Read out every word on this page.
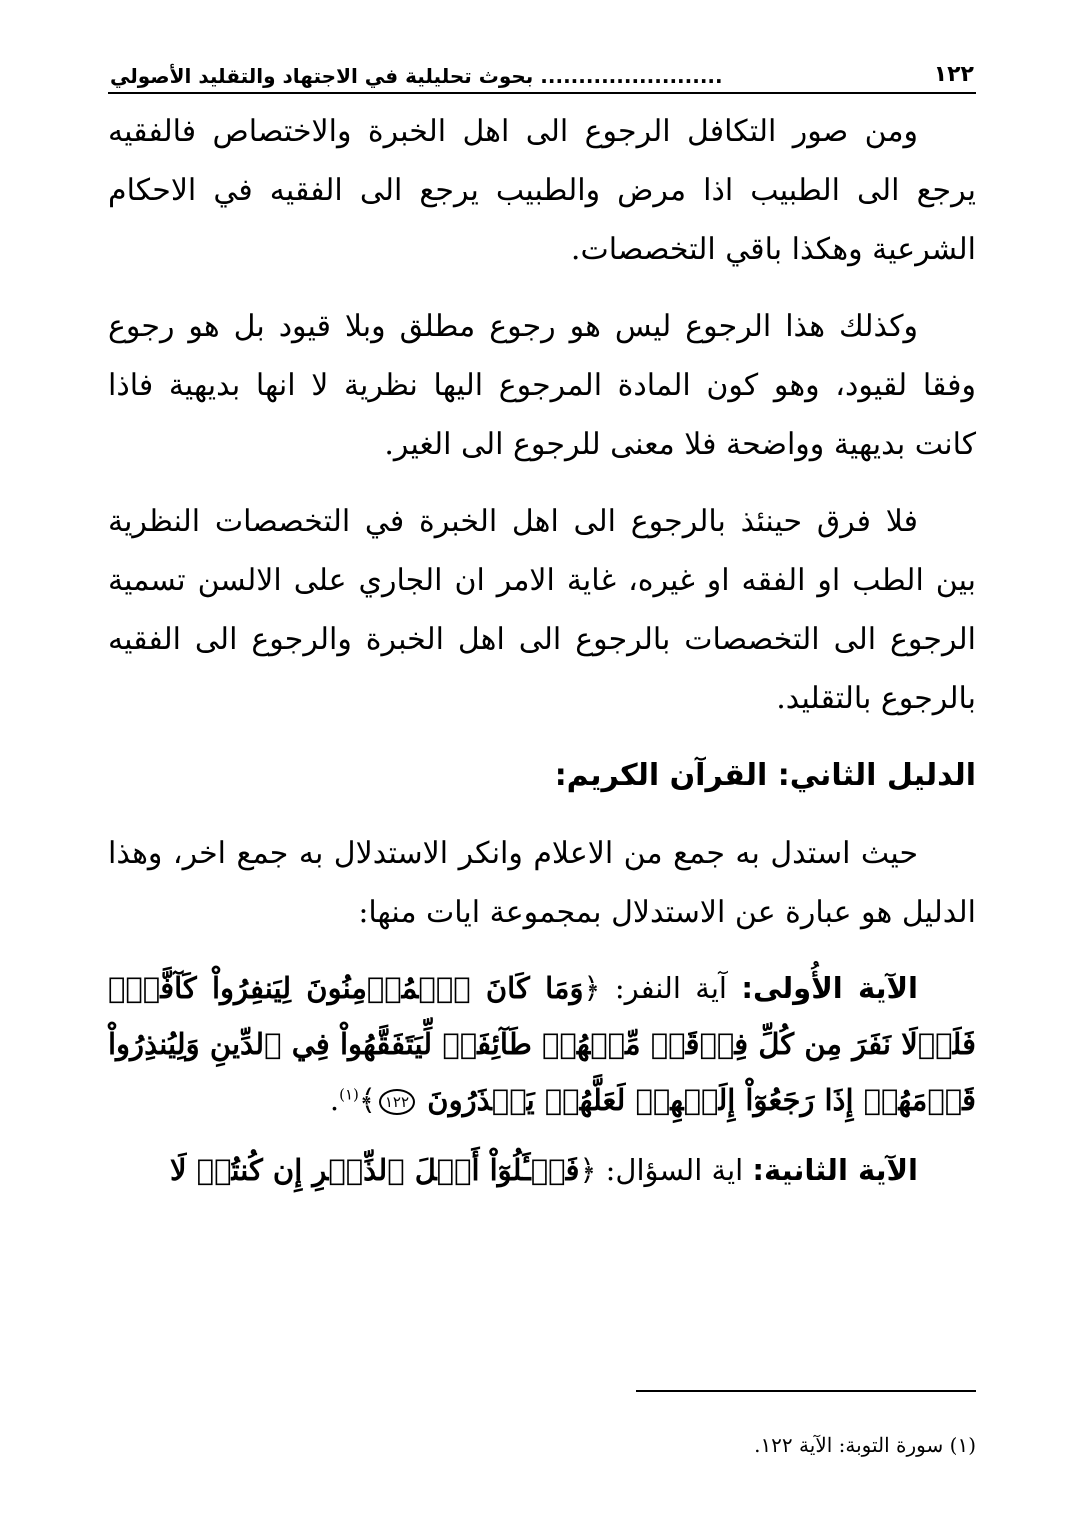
١٢٢
........................ بحوث تحليلية في الاجتهاد والتقليد الأصولي

ومن صور التكافل الرجوع الى اهل الخبرة والاختصاص فالفقيه يرجع الى الطبيب اذا مرض والطبيب يرجع الى الفقيه في الاحكام الشرعية وهكذا باقي التخصصات.

وكذلك هذا الرجوع ليس هو رجوع مطلق وبلا قيود بل هو رجوع وفقا لقيود، وهو كون المادة المرجوع اليها نظرية لا انها بديهية فاذا كانت بديهية وواضحة فلا معنى للرجوع الى الغير.

فلا فرق حينئذ بالرجوع الى اهل الخبرة في التخصصات النظرية بين الطب او الفقه او غيره، غاية الامر ان الجاري على الالسن تسمية الرجوع الى التخصصات بالرجوع الى اهل الخبرة والرجوع الى الفقيه بالرجوع بالتقليد.

الدليل الثاني: القرآن الكريم:

حيث استدل به جمع من الاعلام وانكر الاستدلال به جمع اخر، وهذا الدليل هو عبارة عن الاستدلال بمجموعة ايات منها:

الآية الأُولى: آية النفر: ﴿وَمَا كَانَ ٱلۡمُؤۡمِنُونَ لِيَنفِرُواْ كَآفَّةٗۚ فَلَوۡلَا نَفَرَ مِن كُلِّ فِرۡقَةٖ مِّنۡهُمۡ طَآئِفَةٞ لِّيَتَفَقَّهُواْ فِي ٱلدِّينِ وَلِيُنذِرُواْ قَوۡمَهُمۡ إِذَا رَجَعُوٓاْ إِلَيۡهِمۡ لَعَلَّهُمۡ يَحۡذَرُونَ ١٢٢﴾$^{(١)}$.
الآية الثانية: اية السؤال: ﴿فَسۡـَٔلُوٓاْ أَهۡلَ ٱلذِّكۡرِ إِن كُنتُمۡ لَا
(١) سورة التوبة: الآية ١٢٢.
